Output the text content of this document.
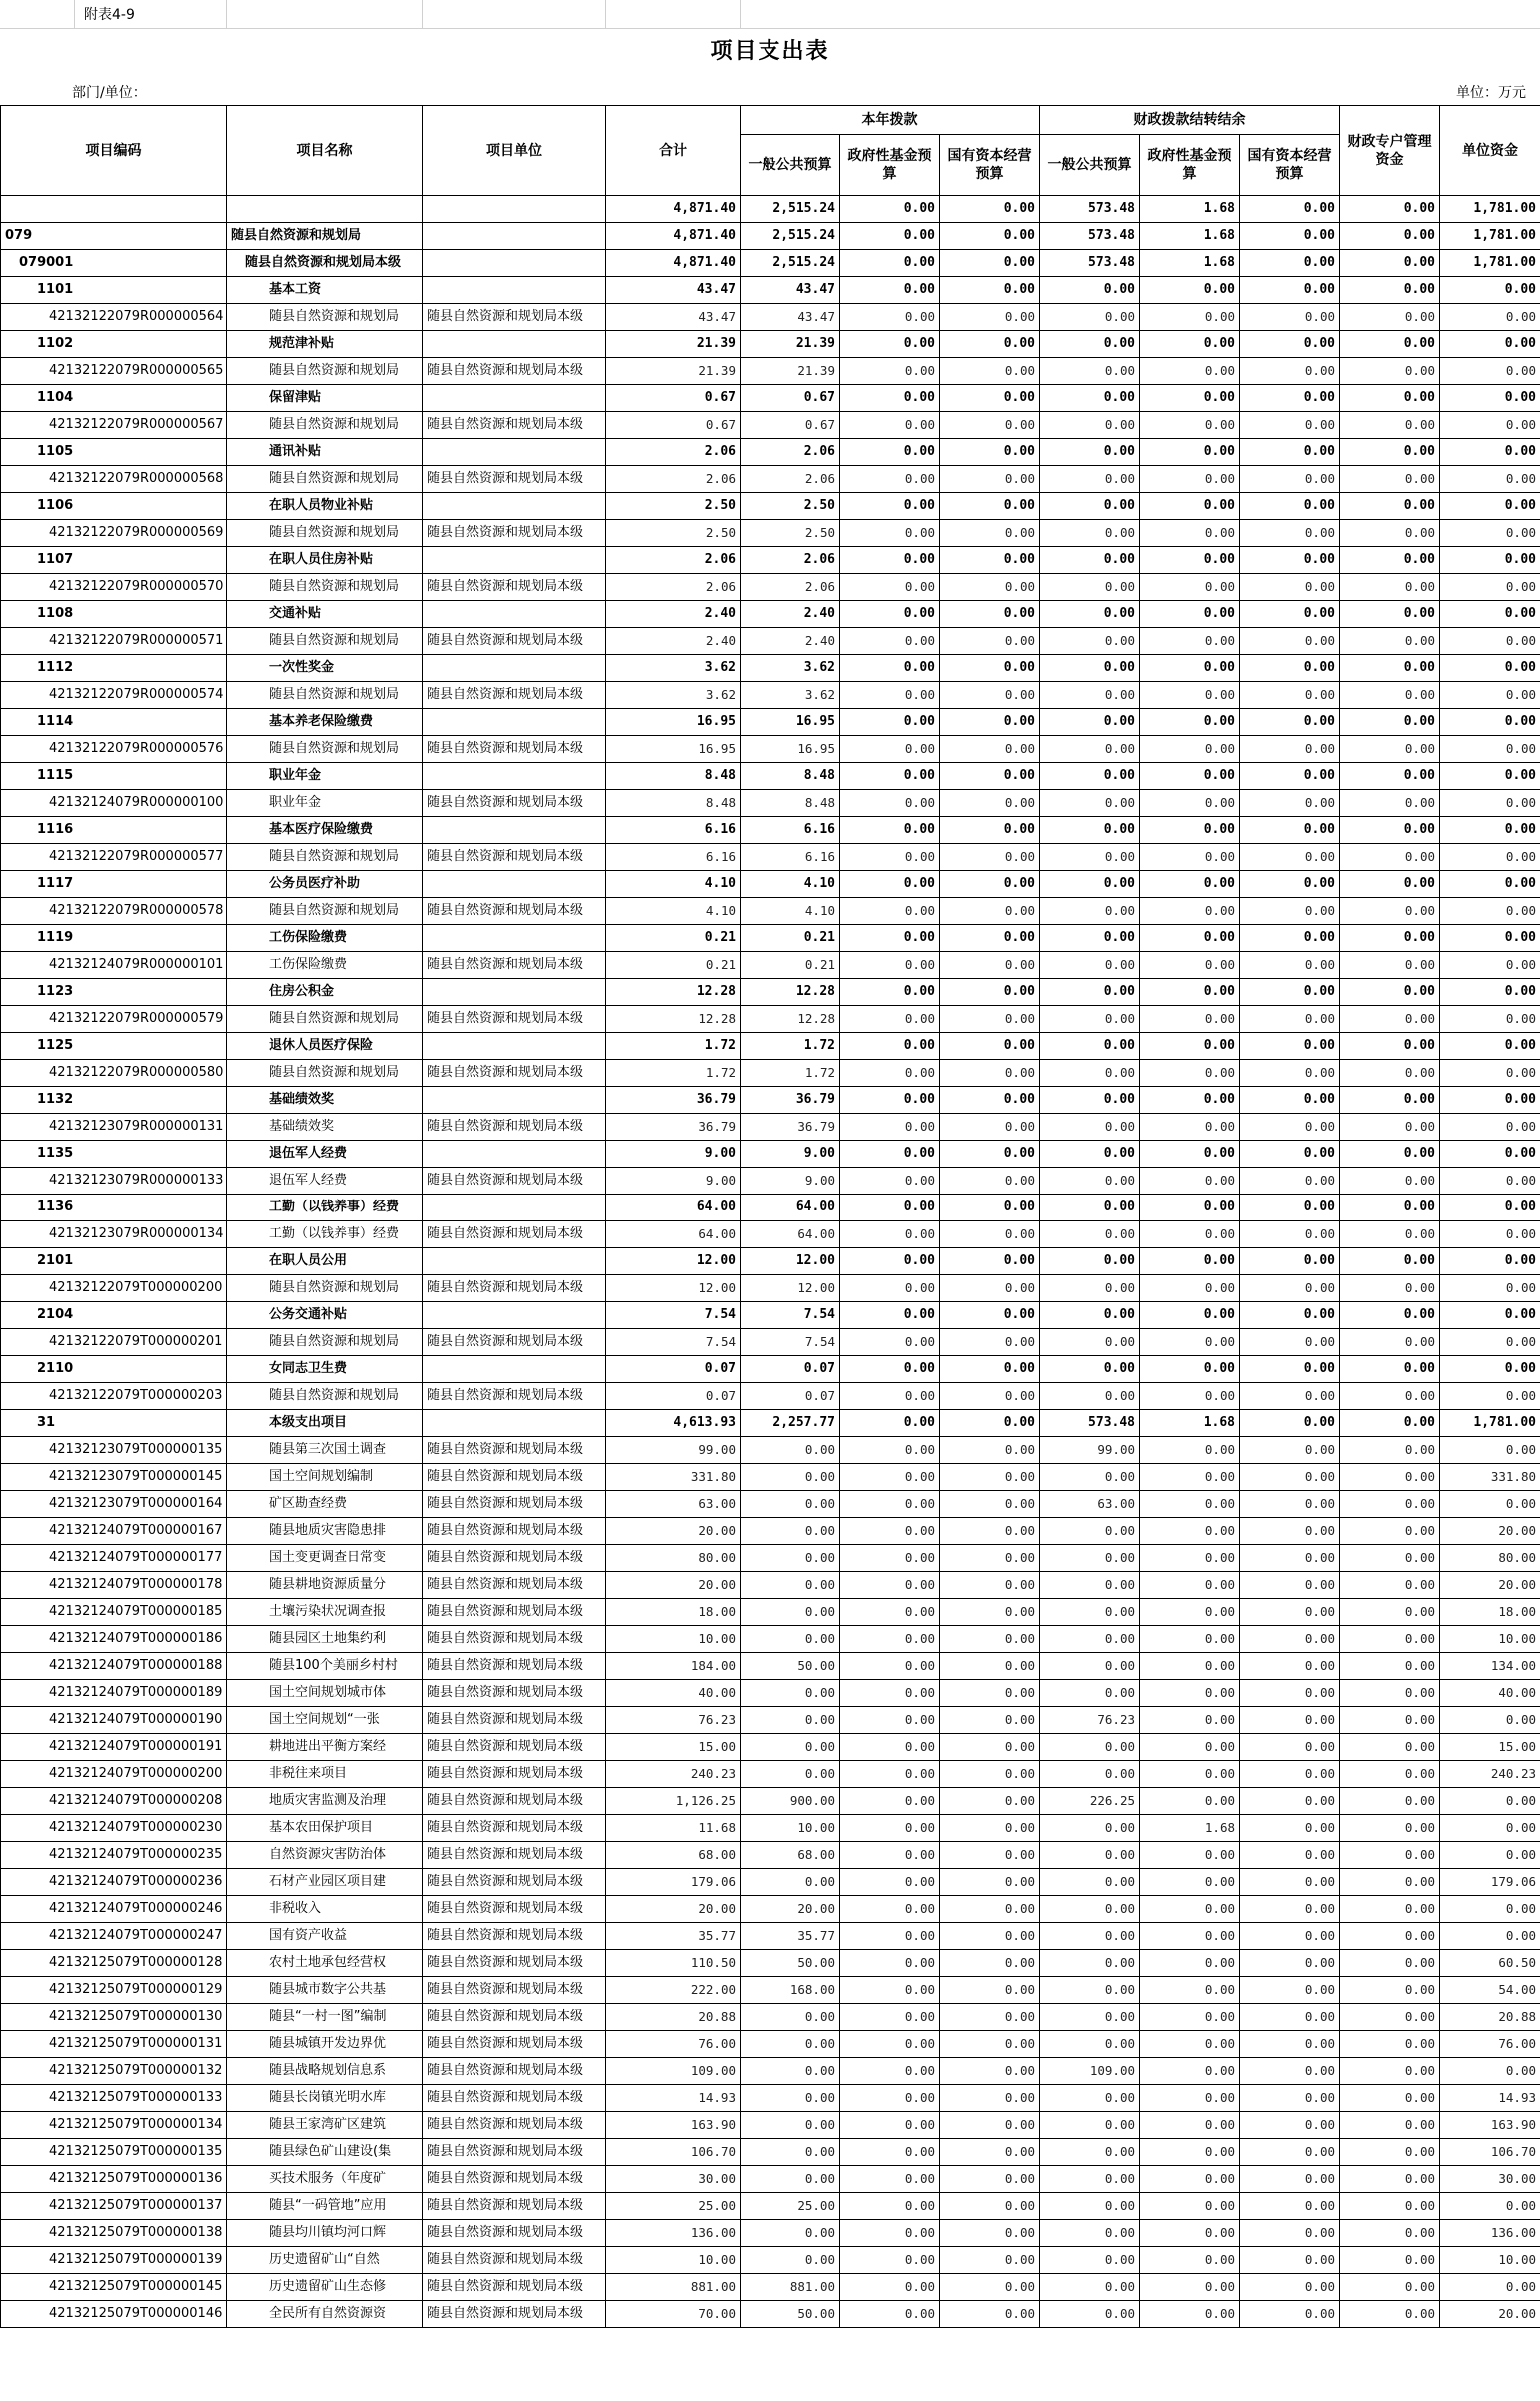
附表4-9
项目支出表
部门/单位：	单位：万元
项目编码	项目名称	项目单位	合计	本年拨款			财政拨款结转结余			财政专户管理资金	单位资金
				一般公共预算	政府性基金预算	国有资本经营预算	一般公共预算	政府性基金预算	国有资本经营预算		
			4,871.40	2,515.24	0.00	0.00	573.48	1.68	0.00	0.00	1,781.00
079	随县自然资源和规划局		4,871.40	2,515.24	0.00	0.00	573.48	1.68	0.00	0.00	1,781.00
079001	随县自然资源和规划局本级		4,871.40	2,515.24	0.00	0.00	573.48	1.68	0.00	0.00	1,781.00
1101	基本工资		43.47	43.47	0.00	0.00	0.00	0.00	0.00	0.00	0.00
42132122079R000000564	随县自然资源和规划局	随县自然资源和规划局本级	43.47	43.47	0.00	0.00	0.00	0.00	0.00	0.00	0.00
1102	规范津补贴		21.39	21.39	0.00	0.00	0.00	0.00	0.00	0.00	0.00
42132122079R000000565	随县自然资源和规划局	随县自然资源和规划局本级	21.39	21.39	0.00	0.00	0.00	0.00	0.00	0.00	0.00
1104	保留津贴		0.67	0.67	0.00	0.00	0.00	0.00	0.00	0.00	0.00
42132122079R000000567	随县自然资源和规划局	随县自然资源和规划局本级	0.67	0.67	0.00	0.00	0.00	0.00	0.00	0.00	0.00
1105	通讯补贴		2.06	2.06	0.00	0.00	0.00	0.00	0.00	0.00	0.00
42132122079R000000568	随县自然资源和规划局	随县自然资源和规划局本级	2.06	2.06	0.00	0.00	0.00	0.00	0.00	0.00	0.00
1106	在职人员物业补贴		2.50	2.50	0.00	0.00	0.00	0.00	0.00	0.00	0.00
42132122079R000000569	随县自然资源和规划局	随县自然资源和规划局本级	2.50	2.50	0.00	0.00	0.00	0.00	0.00	0.00	0.00
1107	在职人员住房补贴		2.06	2.06	0.00	0.00	0.00	0.00	0.00	0.00	0.00
42132122079R000000570	随县自然资源和规划局	随县自然资源和规划局本级	2.06	2.06	0.00	0.00	0.00	0.00	0.00	0.00	0.00
1108	交通补贴		2.40	2.40	0.00	0.00	0.00	0.00	0.00	0.00	0.00
42132122079R000000571	随县自然资源和规划局	随县自然资源和规划局本级	2.40	2.40	0.00	0.00	0.00	0.00	0.00	0.00	0.00
1112	一次性奖金		3.62	3.62	0.00	0.00	0.00	0.00	0.00	0.00	0.00
42132122079R000000574	随县自然资源和规划局	随县自然资源和规划局本级	3.62	3.62	0.00	0.00	0.00	0.00	0.00	0.00	0.00
1114	基本养老保险缴费		16.95	16.95	0.00	0.00	0.00	0.00	0.00	0.00	0.00
42132122079R000000576	随县自然资源和规划局	随县自然资源和规划局本级	16.95	16.95	0.00	0.00	0.00	0.00	0.00	0.00	0.00
1115	职业年金		8.48	8.48	0.00	0.00	0.00	0.00	0.00	0.00	0.00
42132124079R000000100	职业年金	随县自然资源和规划局本级	8.48	8.48	0.00	0.00	0.00	0.00	0.00	0.00	0.00
1116	基本医疗保险缴费		6.16	6.16	0.00	0.00	0.00	0.00	0.00	0.00	0.00
42132122079R000000577	随县自然资源和规划局	随县自然资源和规划局本级	6.16	6.16	0.00	0.00	0.00	0.00	0.00	0.00	0.00
1117	公务员医疗补助		4.10	4.10	0.00	0.00	0.00	0.00	0.00	0.00	0.00
42132122079R000000578	随县自然资源和规划局	随县自然资源和规划局本级	4.10	4.10	0.00	0.00	0.00	0.00	0.00	0.00	0.00
1119	工伤保险缴费		0.21	0.21	0.00	0.00	0.00	0.00	0.00	0.00	0.00
42132124079R000000101	工伤保险缴费	随县自然资源和规划局本级	0.21	0.21	0.00	0.00	0.00	0.00	0.00	0.00	0.00
1123	住房公积金		12.28	12.28	0.00	0.00	0.00	0.00	0.00	0.00	0.00
42132122079R000000579	随县自然资源和规划局	随县自然资源和规划局本级	12.28	12.28	0.00	0.00	0.00	0.00	0.00	0.00	0.00
1125	退休人员医疗保险		1.72	1.72	0.00	0.00	0.00	0.00	0.00	0.00	0.00
42132122079R000000580	随县自然资源和规划局	随县自然资源和规划局本级	1.72	1.72	0.00	0.00	0.00	0.00	0.00	0.00	0.00
1132	基础绩效奖		36.79	36.79	0.00	0.00	0.00	0.00	0.00	0.00	0.00
42132123079R000000131	基础绩效奖	随县自然资源和规划局本级	36.79	36.79	0.00	0.00	0.00	0.00	0.00	0.00	0.00
1135	退伍军人经费		9.00	9.00	0.00	0.00	0.00	0.00	0.00	0.00	0.00
42132123079R000000133	退伍军人经费	随县自然资源和规划局本级	9.00	9.00	0.00	0.00	0.00	0.00	0.00	0.00	0.00
1136	工勤（以钱养事）经费		64.00	64.00	0.00	0.00	0.00	0.00	0.00	0.00	0.00
42132123079R000000134	工勤（以钱养事）经费	随县自然资源和规划局本级	64.00	64.00	0.00	0.00	0.00	0.00	0.00	0.00	0.00
2101	在职人员公用		12.00	12.00	0.00	0.00	0.00	0.00	0.00	0.00	0.00
42132122079T000000200	随县自然资源和规划局	随县自然资源和规划局本级	12.00	12.00	0.00	0.00	0.00	0.00	0.00	0.00	0.00
2104	公务交通补贴		7.54	7.54	0.00	0.00	0.00	0.00	0.00	0.00	0.00
42132122079T000000201	随县自然资源和规划局	随县自然资源和规划局本级	7.54	7.54	0.00	0.00	0.00	0.00	0.00	0.00	0.00
2110	女同志卫生费		0.07	0.07	0.00	0.00	0.00	0.00	0.00	0.00	0.00
42132122079T000000203	随县自然资源和规划局	随县自然资源和规划局本级	0.07	0.07	0.00	0.00	0.00	0.00	0.00	0.00	0.00
31	本级支出项目		4,613.93	2,257.77	0.00	0.00	573.48	1.68	0.00	0.00	1,781.00
42132123079T000000135	随县第三次国土调查	随县自然资源和规划局本级	99.00	0.00	0.00	0.00	99.00	0.00	0.00	0.00	0.00
42132123079T000000145	国土空间规划编制	随县自然资源和规划局本级	331.80	0.00	0.00	0.00	0.00	0.00	0.00	0.00	331.80
42132123079T000000164	矿区勘查经费	随县自然资源和规划局本级	63.00	0.00	0.00	0.00	63.00	0.00	0.00	0.00	0.00
42132124079T000000167	随县地质灾害隐患排	随县自然资源和规划局本级	20.00	0.00	0.00	0.00	0.00	0.00	0.00	0.00	20.00
42132124079T000000177	国土变更调查日常变	随县自然资源和规划局本级	80.00	0.00	0.00	0.00	0.00	0.00	0.00	0.00	80.00
42132124079T000000178	随县耕地资源质量分	随县自然资源和规划局本级	20.00	0.00	0.00	0.00	0.00	0.00	0.00	0.00	20.00
42132124079T000000185	土壤污染状况调查报	随县自然资源和规划局本级	18.00	0.00	0.00	0.00	0.00	0.00	0.00	0.00	18.00
42132124079T000000186	随县园区土地集约利	随县自然资源和规划局本级	10.00	0.00	0.00	0.00	0.00	0.00	0.00	0.00	10.00
42132124079T000000188	随县100个美丽乡村村	随县自然资源和规划局本级	184.00	50.00	0.00	0.00	0.00	0.00	0.00	0.00	134.00
42132124079T000000189	国土空间规划城市体	随县自然资源和规划局本级	40.00	0.00	0.00	0.00	0.00	0.00	0.00	0.00	40.00
42132124079T000000190	国土空间规划“一张	随县自然资源和规划局本级	76.23	0.00	0.00	0.00	76.23	0.00	0.00	0.00	0.00
42132124079T000000191	耕地进出平衡方案经	随县自然资源和规划局本级	15.00	0.00	0.00	0.00	0.00	0.00	0.00	0.00	15.00
42132124079T000000200	非税往来项目	随县自然资源和规划局本级	240.23	0.00	0.00	0.00	0.00	0.00	0.00	0.00	240.23
42132124079T000000208	地质灾害监测及治理	随县自然资源和规划局本级	1,126.25	900.00	0.00	0.00	226.25	0.00	0.00	0.00	0.00
42132124079T000000230	基本农田保护项目	随县自然资源和规划局本级	11.68	10.00	0.00	0.00	0.00	1.68	0.00	0.00	0.00
42132124079T000000235	自然资源灾害防治体	随县自然资源和规划局本级	68.00	68.00	0.00	0.00	0.00	0.00	0.00	0.00	0.00
42132124079T000000236	石材产业园区项目建	随县自然资源和规划局本级	179.06	0.00	0.00	0.00	0.00	0.00	0.00	0.00	179.06
42132124079T000000246	非税收入	随县自然资源和规划局本级	20.00	20.00	0.00	0.00	0.00	0.00	0.00	0.00	0.00
42132124079T000000247	国有资产收益	随县自然资源和规划局本级	35.77	35.77	0.00	0.00	0.00	0.00	0.00	0.00	0.00
42132125079T000000128	农村土地承包经营权	随县自然资源和规划局本级	110.50	50.00	0.00	0.00	0.00	0.00	0.00	0.00	60.50
42132125079T000000129	随县城市数字公共基	随县自然资源和规划局本级	222.00	168.00	0.00	0.00	0.00	0.00	0.00	0.00	54.00
42132125079T000000130	随县“一村一图”编制	随县自然资源和规划局本级	20.88	0.00	0.00	0.00	0.00	0.00	0.00	0.00	20.88
42132125079T000000131	随县城镇开发边界优	随县自然资源和规划局本级	76.00	0.00	0.00	0.00	0.00	0.00	0.00	0.00	76.00
42132125079T000000132	随县战略规划信息系	随县自然资源和规划局本级	109.00	0.00	0.00	0.00	109.00	0.00	0.00	0.00	0.00
42132125079T000000133	随县长岗镇光明水库	随县自然资源和规划局本级	14.93	0.00	0.00	0.00	0.00	0.00	0.00	0.00	14.93
42132125079T000000134	随县王家湾矿区建筑	随县自然资源和规划局本级	163.90	0.00	0.00	0.00	0.00	0.00	0.00	0.00	163.90
42132125079T000000135	随县绿色矿山建设(集	随县自然资源和规划局本级	106.70	0.00	0.00	0.00	0.00	0.00	0.00	0.00	106.70
42132125079T000000136	买技术服务（年度矿	随县自然资源和规划局本级	30.00	0.00	0.00	0.00	0.00	0.00	0.00	0.00	30.00
42132125079T000000137	随县“一码管地”应用	随县自然资源和规划局本级	25.00	25.00	0.00	0.00	0.00	0.00	0.00	0.00	0.00
42132125079T000000138	随县均川镇均河口辉	随县自然资源和规划局本级	136.00	0.00	0.00	0.00	0.00	0.00	0.00	0.00	136.00
42132125079T000000139	历史遗留矿山“自然	随县自然资源和规划局本级	10.00	0.00	0.00	0.00	0.00	0.00	0.00	0.00	10.00
42132125079T000000145	历史遗留矿山生态修	随县自然资源和规划局本级	881.00	881.00	0.00	0.00	0.00	0.00	0.00	0.00	0.00
42132125079T000000146	全民所有自然资源资	随县自然资源和规划局本级	70.00	50.00	0.00	0.00	0.00	0.00	0.00	0.00	20.00
